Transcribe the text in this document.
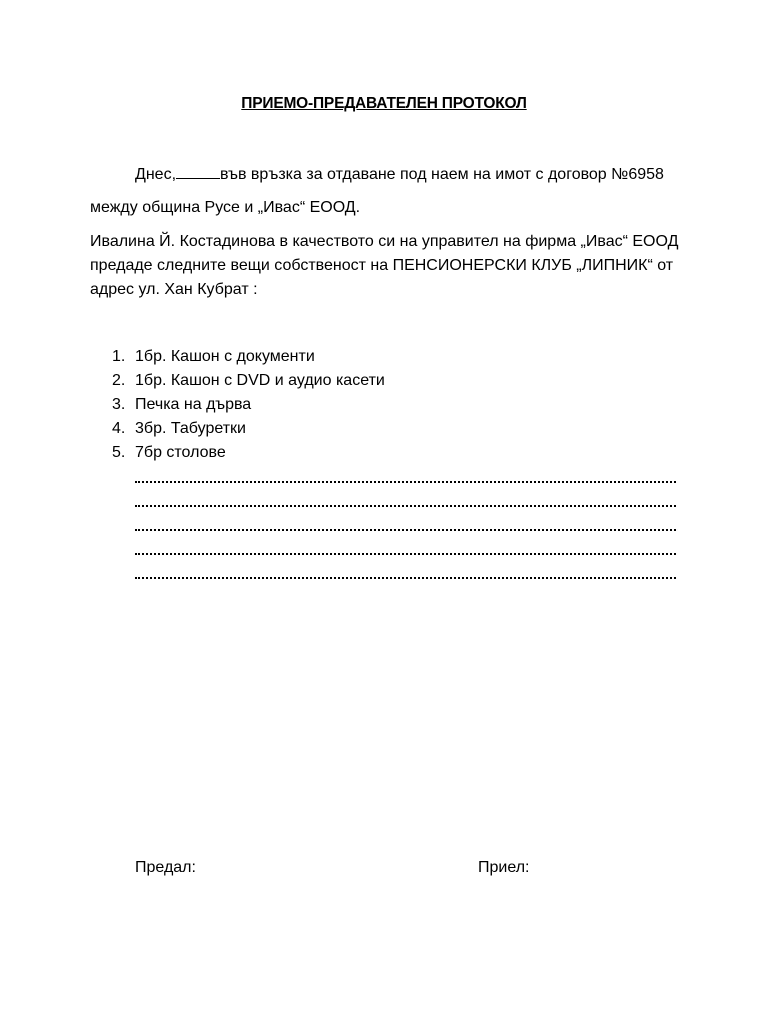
ПРИЕМО-ПРЕДАВАТЕЛЕН ПРОТОКОЛ
Днес,	във връзка за отдаване под наем на имот с договор №6958
между община Русе и „Ивас“ ЕООД.
Ивалина Й. Костадинова в качеството си на управител на фирма „Ивас“ ЕООД
предаде следните вещи собственост на ПЕНСИОНЕРСКИ КЛУБ „ЛИПНИК“ от
адрес ул. Хан Кубрат :
1. 1бр. Кашон с документи
2. 1бр. Кашон с DVD и аудио касети
3. Печка на дърва
4. 3бр. Табуретки
5. 7бр столове
Предал:	Приел:
